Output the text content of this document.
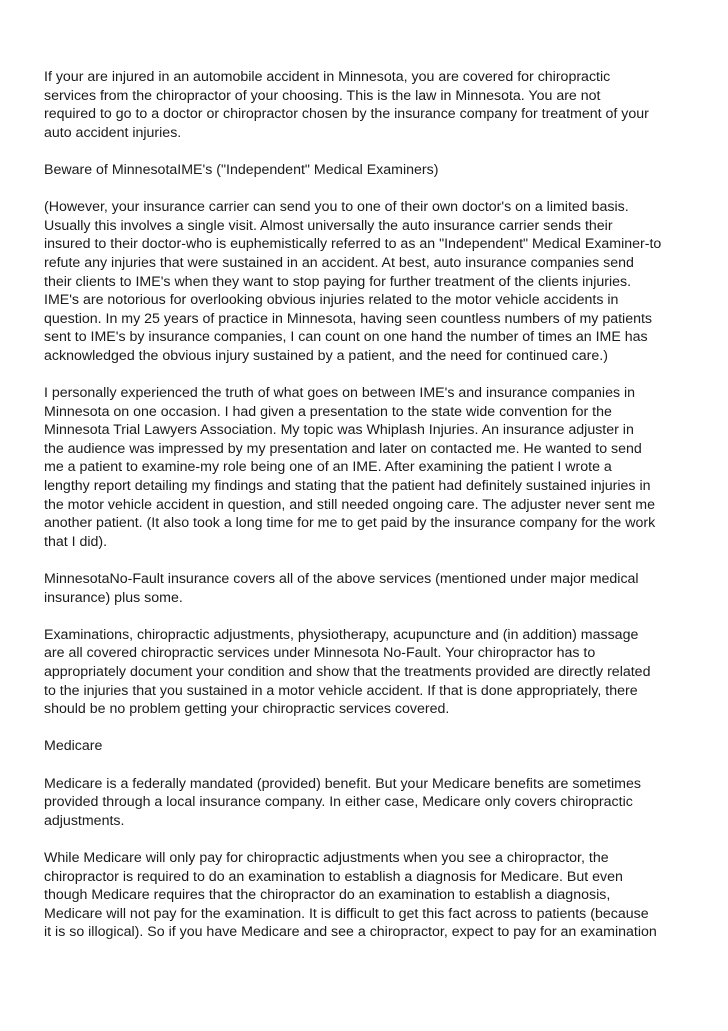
If your are injured in an automobile accident in Minnesota, you are covered for chiropractic
services from the chiropractor of your choosing. This is the law in Minnesota. You are not
required to go to a doctor or chiropractor chosen by the insurance company for treatment of your
auto accident injuries.

Beware of MinnesotaIME's ("Independent" Medical Examiners)

(However, your insurance carrier can send you to one of their own doctor's on a limited basis.
Usually this involves a single visit. Almost universally the auto insurance carrier sends their
insured to their doctor-who is euphemistically referred to as an "Independent" Medical Examiner-to
refute any injuries that were sustained in an accident. At best, auto insurance companies send
their clients to IME's when they want to stop paying for further treatment of the clients injuries.
IME's are notorious for overlooking obvious injuries related to the motor vehicle accidents in
question. In my 25 years of practice in Minnesota, having seen countless numbers of my patients
sent to IME's by insurance companies, I can count on one hand the number of times an IME has
acknowledged the obvious injury sustained by a patient, and the need for continued care.)

I personally experienced the truth of what goes on between IME's and insurance companies in
Minnesota on one occasion. I had given a presentation to the state wide convention for the
Minnesota Trial Lawyers Association. My topic was Whiplash Injuries. An insurance adjuster in
the audience was impressed by my presentation and later on contacted me. He wanted to send
me a patient to examine-my role being one of an IME. After examining the patient I wrote a
lengthy report detailing my findings and stating that the patient had definitely sustained injuries in
the motor vehicle accident in question, and still needed ongoing care. The adjuster never sent me
another patient. (It also took a long time for me to get paid by the insurance company for the work
that I did).

MinnesotaNo-Fault insurance covers all of the above services (mentioned under major medical
insurance) plus some.

Examinations, chiropractic adjustments, physiotherapy, acupuncture and (in addition) massage
are all covered chiropractic services under Minnesota No-Fault. Your chiropractor has to
appropriately document your condition and show that the treatments provided are directly related
to the injuries that you sustained in a motor vehicle accident. If that is done appropriately, there
should be no problem getting your chiropractic services covered.

Medicare

Medicare is a federally mandated (provided) benefit. But your Medicare benefits are sometimes
provided through a local insurance company. In either case, Medicare only covers chiropractic
adjustments.

While Medicare will only pay for chiropractic adjustments when you see a chiropractor, the
chiropractor is required to do an examination to establish a diagnosis for Medicare. But even
though Medicare requires that the chiropractor do an examination to establish a diagnosis,
Medicare will not pay for the examination. It is difficult to get this fact across to patients (because
it is so illogical). So if you have Medicare and see a chiropractor, expect to pay for an examination
